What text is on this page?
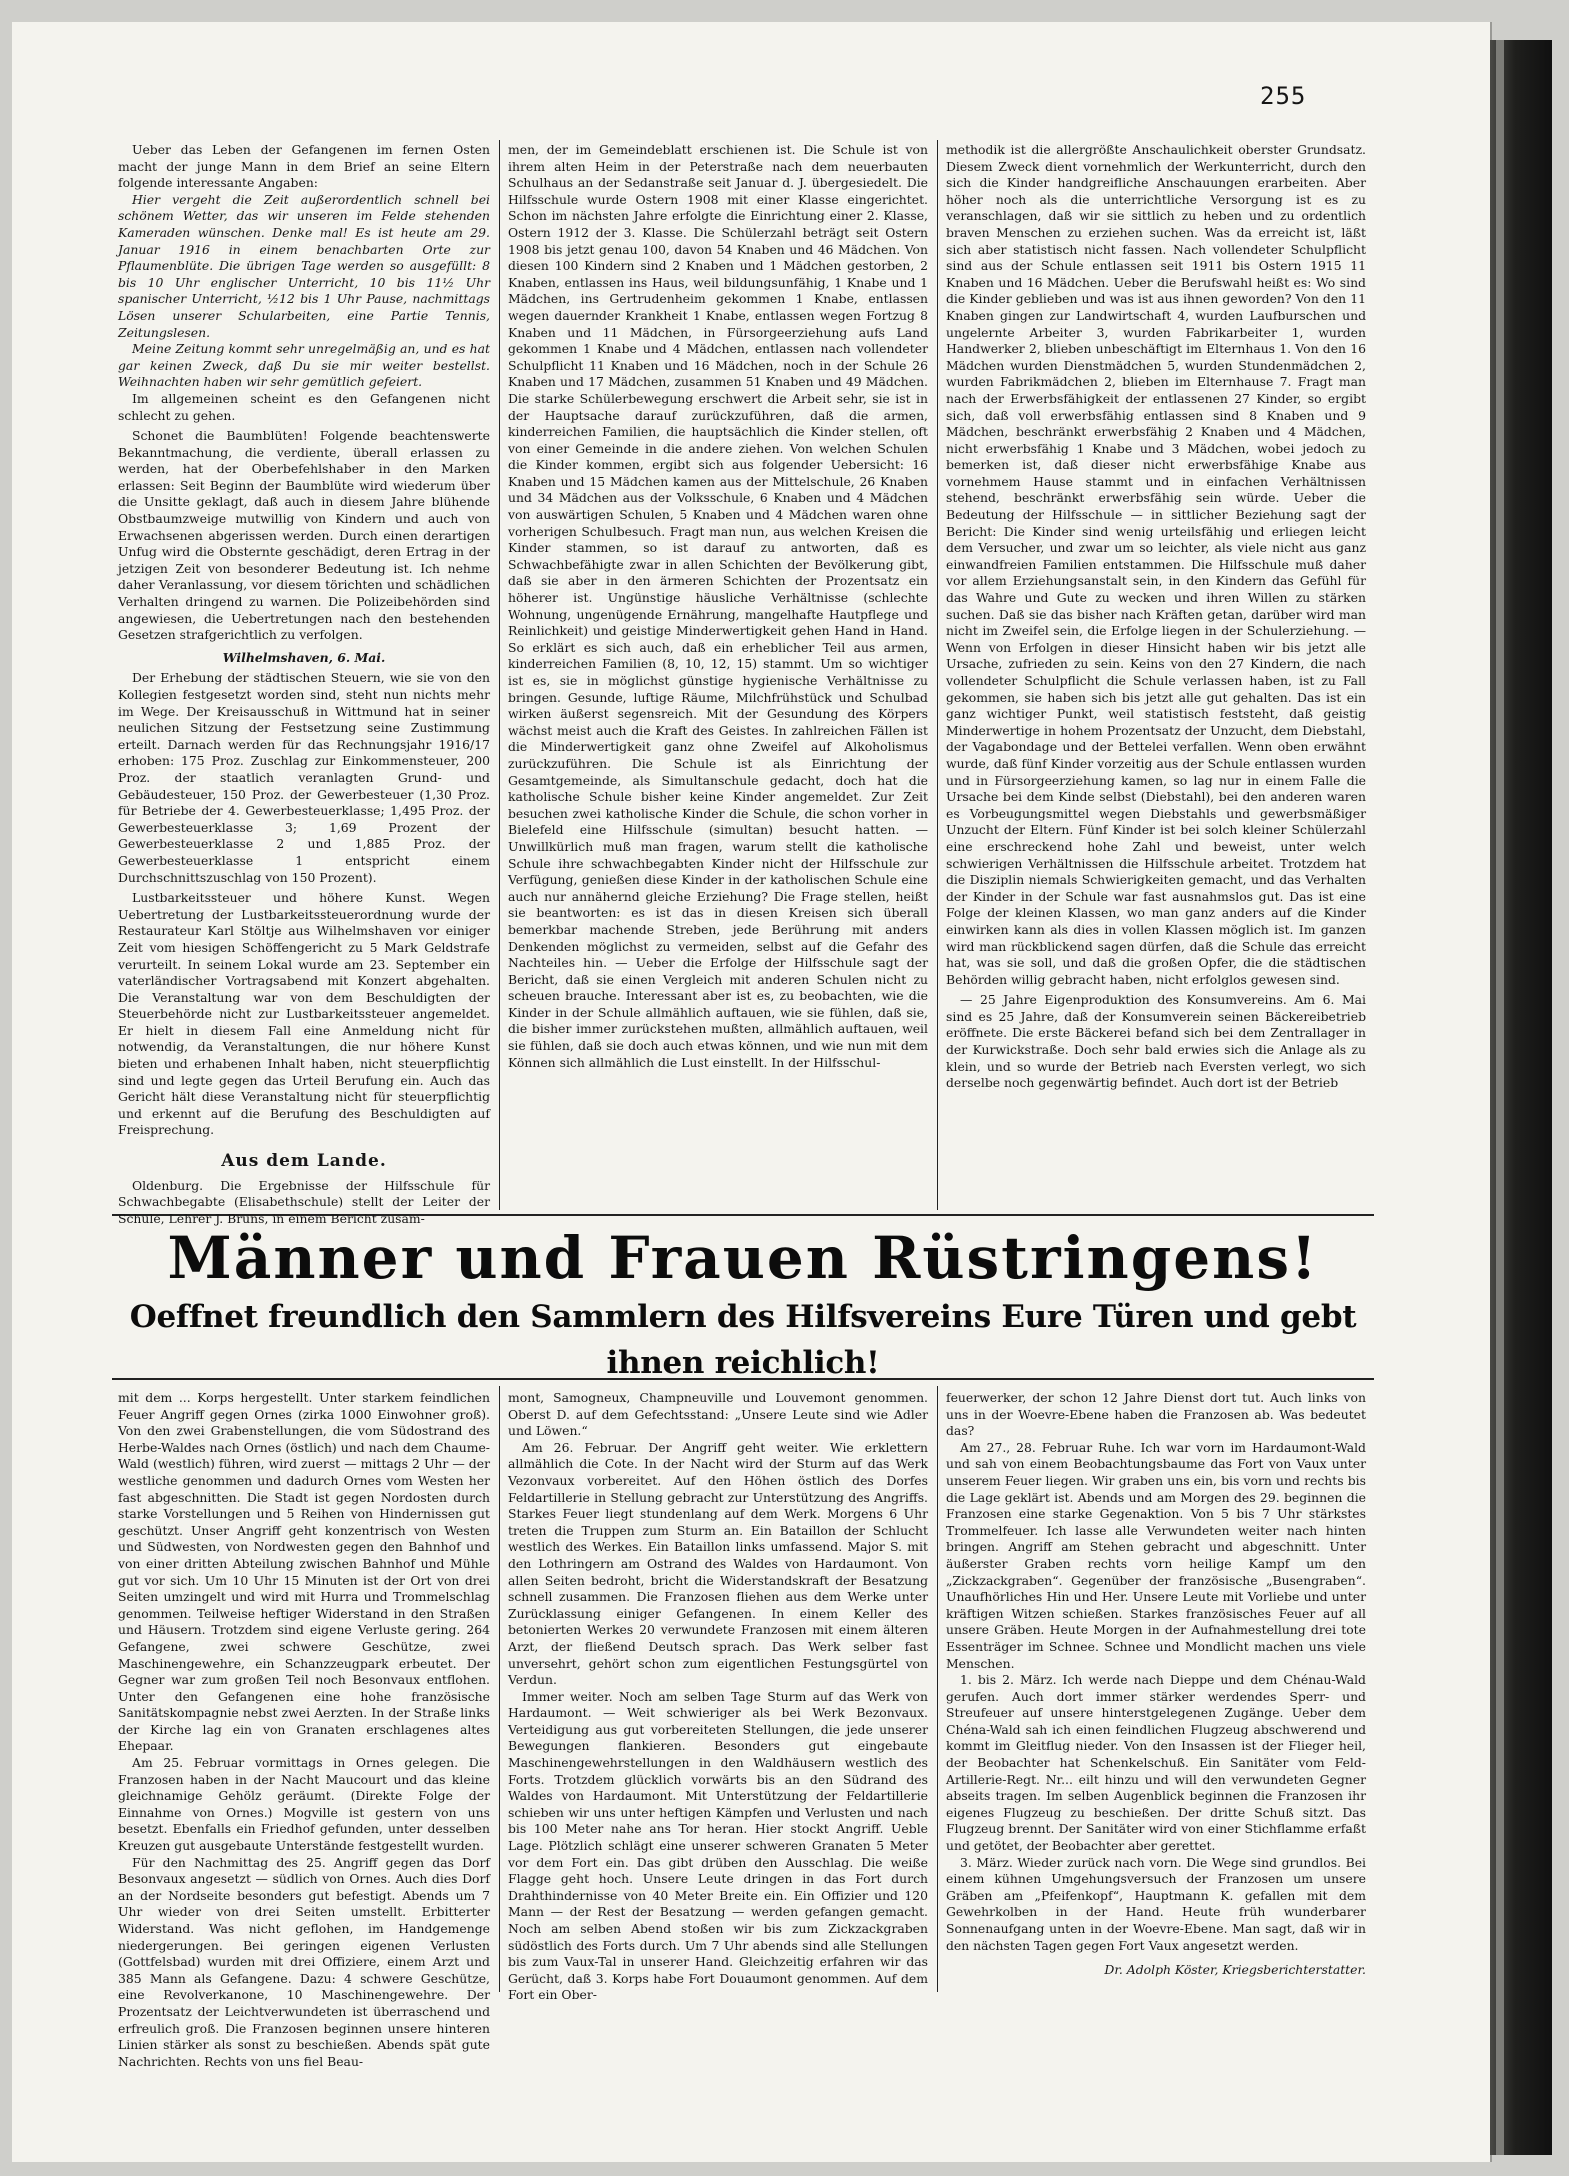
255

Ueber das Leben der Gefangenen im fernen Osten macht der junge Mann in dem Brief an seine Eltern folgende interessante Angaben:

Hier vergeht die Zeit außerordentlich schnell bei schönem Wetter, das wir unseren im Felde stehenden Kameraden wünschen. Denke mal! Es ist heute am 29. Januar 1916 in einem benachbarten Orte zur Pflaumenblüte. Die übrigen Tage werden so ausgefüllt: 8 bis 10 Uhr englischer Unterricht, 10 bis 11½ Uhr spanischer Unterricht, ½12 bis 1 Uhr Pause, nachmittags Lösen unserer Schularbeiten, eine Partie Tennis, Zeitungslesen.

Meine Zeitung kommt sehr unregelmäßig an, und es hat gar keinen Zweck, daß Du sie mir weiter bestellst. Weihnachten haben wir sehr gemütlich gefeiert.

Im allgemeinen scheint es den Gefangenen nicht schlecht zu gehen.

Schonet die Baumblüten! Folgende beachtenswerte Bekanntmachung, die verdiente, überall erlassen zu werden, hat der Oberbefehlshaber in den Marken erlassen: Seit Beginn der Baumblüte wird wiederum über die Unsitte geklagt, daß auch in diesem Jahre blühende Obstbaumzweige mutwillig von Kindern und auch von Erwachsenen abgerissen werden. Durch einen derartigen Unfug wird die Obsternte geschädigt, deren Ertrag in der jetzigen Zeit von besonderer Bedeutung ist. Ich nehme daher Veranlassung, vor diesem törichten und schädlichen Verhalten dringend zu warnen. Die Polizeibehörden sind angewiesen, die Uebertretungen nach den bestehenden Gesetzen strafgerichtlich zu verfolgen.

Wilhelmshaven, 6. Mai.

Der Erhebung der städtischen Steuern, wie sie von den Kollegien festgesetzt worden sind, steht nun nichts mehr im Wege. Der Kreisausschuß in Wittmund hat in seiner neulichen Sitzung der Festsetzung seine Zustimmung erteilt. Darnach werden für das Rechnungsjahr 1916/17 erhoben: 175 Proz. Zuschlag zur Einkommensteuer, 200 Proz. der staatlich veranlagten Grund- und Gebäudesteuer, 150 Proz. der Gewerbesteuer (1,30 Proz. für Betriebe der 4. Gewerbesteuerklasse; 1,495 Proz. der Gewerbesteuerklasse 3; 1,69 Prozent der Gewerbesteuerklasse 2 und 1,885 Proz. der Gewerbesteuerklasse 1 entspricht einem Durchschnittszuschlag von 150 Prozent).

Lustbarkeitssteuer und höhere Kunst. Wegen Uebertretung der Lustbarkeitssteuerordnung wurde der Restaurateur Karl Stöltje aus Wilhelmshaven vor einiger Zeit vom hiesigen Schöffengericht zu 5 Mark Geldstrafe verurteilt. In seinem Lokal wurde am 23. September ein vaterländischer Vortragsabend mit Konzert abgehalten. Die Veranstaltung war von dem Beschuldigten der Steuerbehörde nicht zur Lustbarkeitssteuer angemeldet. Er hielt in diesem Fall eine Anmeldung nicht für notwendig, da Veranstaltungen, die nur höhere Kunst bieten und erhabenen Inhalt haben, nicht steuerpflichtig sind und legte gegen das Urteil Berufung ein. Auch das Gericht hält diese Veranstaltung nicht für steuerpflichtig und erkennt auf die Berufung des Beschuldigten auf Freisprechung.

Aus dem Lande.

Oldenburg. Die Ergebnisse der Hilfsschule für Schwachbegabte (Elisabethschule) stellt der Leiter der Schule, Lehrer J. Bruns, in einem Bericht zusam-

men, der im Gemeindeblatt erschienen ist. Die Schule ist von ihrem alten Heim in der Peterstraße nach dem neuerbauten Schulhaus an der Sedanstraße seit Januar d. J. übergesiedelt. Die Hilfsschule wurde Ostern 1908 mit einer Klasse eingerichtet. Schon im nächsten Jahre erfolgte die Einrichtung einer 2. Klasse, Ostern 1912 der 3. Klasse. Die Schülerzahl beträgt seit Ostern 1908 bis jetzt genau 100, davon 54 Knaben und 46 Mädchen. Von diesen 100 Kindern sind 2 Knaben und 1 Mädchen gestorben, 2 Knaben, entlassen ins Haus, weil bildungsunfähig, 1 Knabe und 1 Mädchen, ins Gertrudenheim gekommen 1 Knabe, entlassen wegen dauernder Krankheit 1 Knabe, entlassen wegen Fortzug 8 Knaben und 11 Mädchen, in Fürsorgeerziehung aufs Land gekommen 1 Knabe und 4 Mädchen, entlassen nach vollendeter Schulpflicht 11 Knaben und 16 Mädchen, noch in der Schule 26 Knaben und 17 Mädchen, zusammen 51 Knaben und 49 Mädchen. Die starke Schülerbewegung erschwert die Arbeit sehr, sie ist in der Hauptsache darauf zurückzuführen, daß die armen, kinderreichen Familien, die hauptsächlich die Kinder stellen, oft von einer Gemeinde in die andere ziehen. Von welchen Schulen die Kinder kommen, ergibt sich aus folgender Uebersicht: 16 Knaben und 15 Mädchen kamen aus der Mittelschule, 26 Knaben und 34 Mädchen aus der Volksschule, 6 Knaben und 4 Mädchen von auswärtigen Schulen, 5 Knaben und 4 Mädchen waren ohne vorherigen Schulbesuch. Fragt man nun, aus welchen Kreisen die Kinder stammen, so ist darauf zu antworten, daß es Schwachbefähigte zwar in allen Schichten der Bevölkerung gibt, daß sie aber in den ärmeren Schichten der Prozentsatz ein höherer ist. Ungünstige häusliche Verhältnisse (schlechte Wohnung, ungenügende Ernährung, mangelhafte Hautpflege und Reinlichkeit) und geistige Minderwertigkeit gehen Hand in Hand. So erklärt es sich auch, daß ein erheblicher Teil aus armen, kinderreichen Familien (8, 10, 12, 15) stammt. Um so wichtiger ist es, sie in möglichst günstige hygienische Verhältnisse zu bringen. Gesunde, luftige Räume, Milchfrühstück und Schulbad wirken äußerst segensreich. Mit der Gesundung des Körpers wächst meist auch die Kraft des Geistes. In zahlreichen Fällen ist die Minderwertigkeit ganz ohne Zweifel auf Alkoholismus zurückzuführen. Die Schule ist als Einrichtung der Gesamtgemeinde, als Simultanschule gedacht, doch hat die katholische Schule bisher keine Kinder angemeldet. Zur Zeit besuchen zwei katholische Kinder die Schule, die schon vorher in Bielefeld eine Hilfsschule (simultan) besucht hatten. — Unwillkürlich muß man fragen, warum stellt die katholische Schule ihre schwachbegabten Kinder nicht der Hilfsschule zur Verfügung, genießen diese Kinder in der katholischen Schule eine auch nur annähernd gleiche Erziehung? Die Frage stellen, heißt sie beantworten: es ist das in diesen Kreisen sich überall bemerkbar machende Streben, jede Berührung mit anders Denkenden möglichst zu vermeiden, selbst auf die Gefahr des Nachteiles hin. — Ueber die Erfolge der Hilfsschule sagt der Bericht, daß sie einen Vergleich mit anderen Schulen nicht zu scheuen brauche. Interessant aber ist es, zu beobachten, wie die Kinder in der Schule allmählich auftauen, wie sie fühlen, daß sie, die bisher immer zurückstehen mußten, allmählich auftauen, weil sie fühlen, daß sie doch auch etwas können, und wie nun mit dem Können sich allmählich die Lust einstellt. In der Hilfsschul-

methodik ist die allergrößte Anschaulichkeit oberster Grundsatz. Diesem Zweck dient vornehmlich der Werkunterricht, durch den sich die Kinder handgreifliche Anschauungen erarbeiten. Aber höher noch als die unterrichtliche Versorgung ist es zu veranschlagen, daß wir sie sittlich zu heben und zu ordentlich braven Menschen zu erziehen suchen. Was da erreicht ist, läßt sich aber statistisch nicht fassen. Nach vollendeter Schulpflicht sind aus der Schule entlassen seit 1911 bis Ostern 1915 11 Knaben und 16 Mädchen. Ueber die Berufswahl heißt es: Wo sind die Kinder geblieben und was ist aus ihnen geworden? Von den 11 Knaben gingen zur Landwirtschaft 4, wurden Laufburschen und ungelernte Arbeiter 3, wurden Fabrikarbeiter 1, wurden Handwerker 2, blieben unbeschäftigt im Elternhaus 1. Von den 16 Mädchen wurden Dienstmädchen 5, wurden Stundenmädchen 2, wurden Fabrikmädchen 2, blieben im Elternhause 7. Fragt man nach der Erwerbsfähigkeit der entlassenen 27 Kinder, so ergibt sich, daß voll erwerbsfähig entlassen sind 8 Knaben und 9 Mädchen, beschränkt erwerbsfähig 2 Knaben und 4 Mädchen, nicht erwerbsfähig 1 Knabe und 3 Mädchen, wobei jedoch zu bemerken ist, daß dieser nicht erwerbsfähige Knabe aus vornehmem Hause stammt und in einfachen Verhältnissen stehend, beschränkt erwerbsfähig sein würde. Ueber die Bedeutung der Hilfsschule — in sittlicher Beziehung sagt der Bericht: Die Kinder sind wenig urteilsfähig und erliegen leicht dem Versucher, und zwar um so leichter, als viele nicht aus ganz einwandfreien Familien entstammen. Die Hilfsschule muß daher vor allem Erziehungsanstalt sein, in den Kindern das Gefühl für das Wahre und Gute zu wecken und ihren Willen zu stärken suchen. Daß sie das bisher nach Kräften getan, darüber wird man nicht im Zweifel sein, die Erfolge liegen in der Schulerziehung. — Wenn von Erfolgen in dieser Hinsicht haben wir bis jetzt alle Ursache, zufrieden zu sein. Keins von den 27 Kindern, die nach vollendeter Schulpflicht die Schule verlassen haben, ist zu Fall gekommen, sie haben sich bis jetzt alle gut gehalten. Das ist ein ganz wichtiger Punkt, weil statistisch feststeht, daß geistig Minderwertige in hohem Prozentsatz der Unzucht, dem Diebstahl, der Vagabondage und der Bettelei verfallen. Wenn oben erwähnt wurde, daß fünf Kinder vorzeitig aus der Schule entlassen wurden und in Fürsorgeerziehung kamen, so lag nur in einem Falle die Ursache bei dem Kinde selbst (Diebstahl), bei den anderen waren es Vorbeugungsmittel wegen Diebstahls und gewerbsmäßiger Unzucht der Eltern. Fünf Kinder ist bei solch kleiner Schülerzahl eine erschreckend hohe Zahl und beweist, unter welch schwierigen Verhältnissen die Hilfsschule arbeitet. Trotzdem hat die Disziplin niemals Schwierigkeiten gemacht, und das Verhalten der Kinder in der Schule war fast ausnahmslos gut. Das ist eine Folge der kleinen Klassen, wo man ganz anders auf die Kinder einwirken kann als dies in vollen Klassen möglich ist. Im ganzen wird man rückblickend sagen dürfen, daß die Schule das erreicht hat, was sie soll, und daß die großen Opfer, die die städtischen Behörden willig gebracht haben, nicht erfolglos gewesen sind.

— 25 Jahre Eigenproduktion des Konsumvereins. Am 6. Mai sind es 25 Jahre, daß der Konsumverein seinen Bäckereibetrieb eröffnete. Die erste Bäckerei befand sich bei dem Zentrallager in der Kurwickstraße. Doch sehr bald erwies sich die Anlage als zu klein, und so wurde der Betrieb nach Eversten verlegt, wo sich derselbe noch gegenwärtig befindet. Auch dort ist der Betrieb

Männer und Frauen Rüstringens!
Oeffnet freundlich den Sammlern des Hilfsvereins Eure Türen und gebt ihnen reichlich!

mit dem ... Korps hergestellt. Unter starkem feindlichen Feuer Angriff gegen Ornes (zirka 1000 Einwohner groß). Von den zwei Grabenstellungen, die vom Südostrand des Herbe-Waldes nach Ornes (östlich) und nach dem Chaume-Wald (westlich) führen, wird zuerst — mittags 2 Uhr — der westliche genommen und dadurch Ornes vom Westen her fast abgeschnitten. Die Stadt ist gegen Nordosten durch starke Vorstellungen und 5 Reihen von Hindernissen gut geschützt. Unser Angriff geht konzentrisch von Westen und Südwesten, von Nordwesten gegen den Bahnhof und von einer dritten Abteilung zwischen Bahnhof und Mühle gut vor sich. Um 10 Uhr 15 Minuten ist der Ort von drei Seiten umzingelt und wird mit Hurra und Trommelschlag genommen. Teilweise heftiger Widerstand in den Straßen und Häusern. Trotzdem sind eigene Verluste gering. 264 Gefangene, zwei schwere Geschütze, zwei Maschinengewehre, ein Schanzzeugpark erbeutet. Der Gegner war zum großen Teil noch Besonvaux entflohen. Unter den Gefangenen eine hohe französische Sanitätskompagnie nebst zwei Aerzten. In der Straße links der Kirche lag ein von Granaten erschlagenes altes Ehepaar.

Am 25. Februar vormittags in Ornes gelegen. Die Franzosen haben in der Nacht Maucourt und das kleine gleichnamige Gehölz geräumt. (Direkte Folge der Einnahme von Ornes.) Mogville ist gestern von uns besetzt. Ebenfalls ein Friedhof gefunden, unter desselben Kreuzen gut ausgebaute Unterstände festgestellt wurden.

Für den Nachmittag des 25. Angriff gegen das Dorf Besonvaux angesetzt — südlich von Ornes. Auch dies Dorf an der Nordseite besonders gut befestigt. Abends um 7 Uhr wieder von drei Seiten umstellt. Erbitterter Widerstand. Was nicht geflohen, im Handgemenge niedergerungen. Bei geringen eigenen Verlusten (Gottfelsbad) wurden mit drei Offiziere, einem Arzt und 385 Mann als Gefangene. Dazu: 4 schwere Geschütze, eine Revolverkanone, 10 Maschinengewehre. Der Prozentsatz der Leichtverwundeten ist überraschend und erfreulich groß. Die Franzosen beginnen unsere hinteren Linien stärker als sonst zu beschießen. Abends spät gute Nachrichten. Rechts von uns fiel Beau-

mont, Samogneux, Champneuville und Louvemont genommen. Oberst D. auf dem Gefechtsstand: „Unsere Leute sind wie Adler und Löwen.“

Am 26. Februar. Der Angriff geht weiter. Wie erklettern allmählich die Cote. In der Nacht wird der Sturm auf das Werk Vezonvaux vorbereitet. Auf den Höhen östlich des Dorfes Feldartillerie in Stellung gebracht zur Unterstützung des Angriffs. Starkes Feuer liegt stundenlang auf dem Werk. Morgens 6 Uhr treten die Truppen zum Sturm an. Ein Bataillon der Schlucht westlich des Werkes. Ein Bataillon links umfassend. Major S. mit den Lothringern am Ostrand des Waldes von Hardaumont. Von allen Seiten bedroht, bricht die Widerstandskraft der Besatzung schnell zusammen. Die Franzosen fliehen aus dem Werke unter Zurücklassung einiger Gefangenen. In einem Keller des betonierten Werkes 20 verwundete Franzosen mit einem älteren Arzt, der fließend Deutsch sprach. Das Werk selber fast unversehrt, gehört schon zum eigentlichen Festungsgürtel von Verdun.

Immer weiter. Noch am selben Tage Sturm auf das Werk von Hardaumont. — Weit schwieriger als bei Werk Bezonvaux. Verteidigung aus gut vorbereiteten Stellungen, die jede unserer Bewegungen flankieren. Besonders gut eingebaute Maschinengewehrstellungen in den Waldhäusern westlich des Forts. Trotzdem glücklich vorwärts bis an den Südrand des Waldes von Hardaumont. Mit Unterstützung der Feldartillerie schieben wir uns unter heftigen Kämpfen und Verlusten und nach bis 100 Meter nahe ans Tor heran. Hier stockt Angriff. Ueble Lage. Plötzlich schlägt eine unserer schweren Granaten 5 Meter vor dem Fort ein. Das gibt drüben den Ausschlag. Die weiße Flagge geht hoch. Unsere Leute dringen in das Fort durch Drahthindernisse von 40 Meter Breite ein. Ein Offizier und 120 Mann — der Rest der Besatzung — werden gefangen gemacht. Noch am selben Abend stoßen wir bis zum Zickzackgraben südöstlich des Forts durch. Um 7 Uhr abends sind alle Stellungen bis zum Vaux-Tal in unserer Hand. Gleichzeitig erfahren wir das Gerücht, daß 3. Korps habe Fort Douaumont genommen. Auf dem Fort ein Ober-

feuerwerker, der schon 12 Jahre Dienst dort tut. Auch links von uns in der Woevre-Ebene haben die Franzosen ab. Was bedeutet das?

Am 27., 28. Februar Ruhe. Ich war vorn im Hardaumont-Wald und sah von einem Beobachtungsbaume das Fort von Vaux unter unserem Feuer liegen. Wir graben uns ein, bis vorn und rechts bis die Lage geklärt ist. Abends und am Morgen des 29. beginnen die Franzosen eine starke Gegenaktion. Von 5 bis 7 Uhr stärkstes Trommelfeuer. Ich lasse alle Verwundeten weiter nach hinten bringen. Angriff am Stehen gebracht und abgeschnitt. Unter äußerster Graben rechts vorn heilige Kampf um den „Zickzackgraben“. Gegenüber der französische „Busengraben“. Unaufhörliches Hin und Her. Unsere Leute mit Vorliebe und unter kräftigen Witzen schießen. Starkes französisches Feuer auf all unsere Gräben. Heute Morgen in der Aufnahmestellung drei tote Essenträger im Schnee. Schnee und Mondlicht machen uns viele Menschen.

1. bis 2. März. Ich werde nach Dieppe und dem Chénau-Wald gerufen. Auch dort immer stärker werdendes Sperr- und Streufeuer auf unsere hinterstgelegenen Zugänge. Ueber dem Chéna-Wald sah ich einen feindlichen Flugzeug abschwerend und kommt im Gleitflug nieder. Von den Insassen ist der Flieger heil, der Beobachter hat Schenkelschuß. Ein Sanitäter vom Feld-Artillerie-Regt. Nr... eilt hinzu und will den verwundeten Gegner abseits tragen. Im selben Augenblick beginnen die Franzosen ihr eigenes Flugzeug zu beschießen. Der dritte Schuß sitzt. Das Flugzeug brennt. Der Sanitäter wird von einer Stichflamme erfaßt und getötet, der Beobachter aber gerettet.

3. März. Wieder zurück nach vorn. Die Wege sind grundlos. Bei einem kühnen Umgehungsversuch der Franzosen um unsere Gräben am „Pfeifenkopf“, Hauptmann K. gefallen mit dem Gewehrkolben in der Hand. Heute früh wunderbarer Sonnenaufgang unten in der Woevre-Ebene. Man sagt, daß wir in den nächsten Tagen gegen Fort Vaux angesetzt werden.

Dr. Adolph Köster, Kriegsberichterstatter.
